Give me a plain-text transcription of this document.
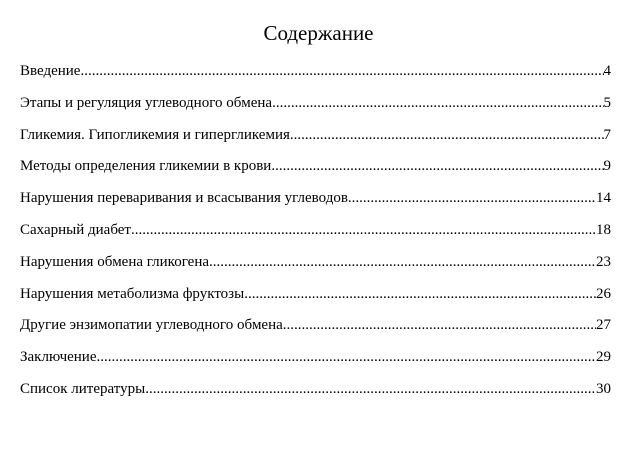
Содержание
Введение .....	4
Этапы и регуляция углеводного обмена .....	5
Гликемия. Гипогликемия и гипергликемия .....	7
Методы определения гликемии в крови .....	9
Нарушения переваривания и всасывания углеводов .....	14
Сахарный диабет .....	18
Нарушения обмена гликогена .....	23
Нарушения метаболизма фруктозы .....	26
Другие энзимопатии углеводного обмена .....	27
Заключение .....	29
Список литературы .....	30
